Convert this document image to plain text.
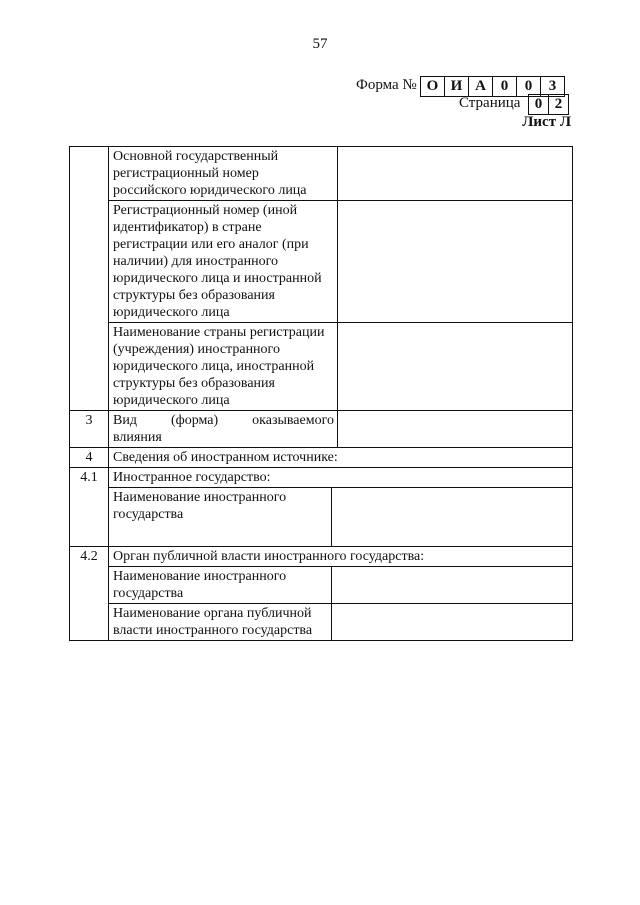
57
Форма № О И А 0	0	3
Страница 0 2
Лист Л
	Основной государственный регистрационный номер российского юридического лица		
	Регистрационный номер (иной идентификатор) в стране регистрации или его аналог (при наличии) для иностранного юридического лица и иностранной структуры без образования юридического лица		
	Наименование страны регистрации (учреждения) иностранного юридического лица, иностранной структуры без образования юридического лица		
3	Вид (форма) оказываемого
влияния		

4	Сведения об иностранном источнике:		
4.1	Иностранное государство:		
	Наименование иностранного государства		
4.2	Орган публичной власти иностранного государства:		
	Наименование иностранного государства		
	Наименование органа публичной власти иностранного государства		
